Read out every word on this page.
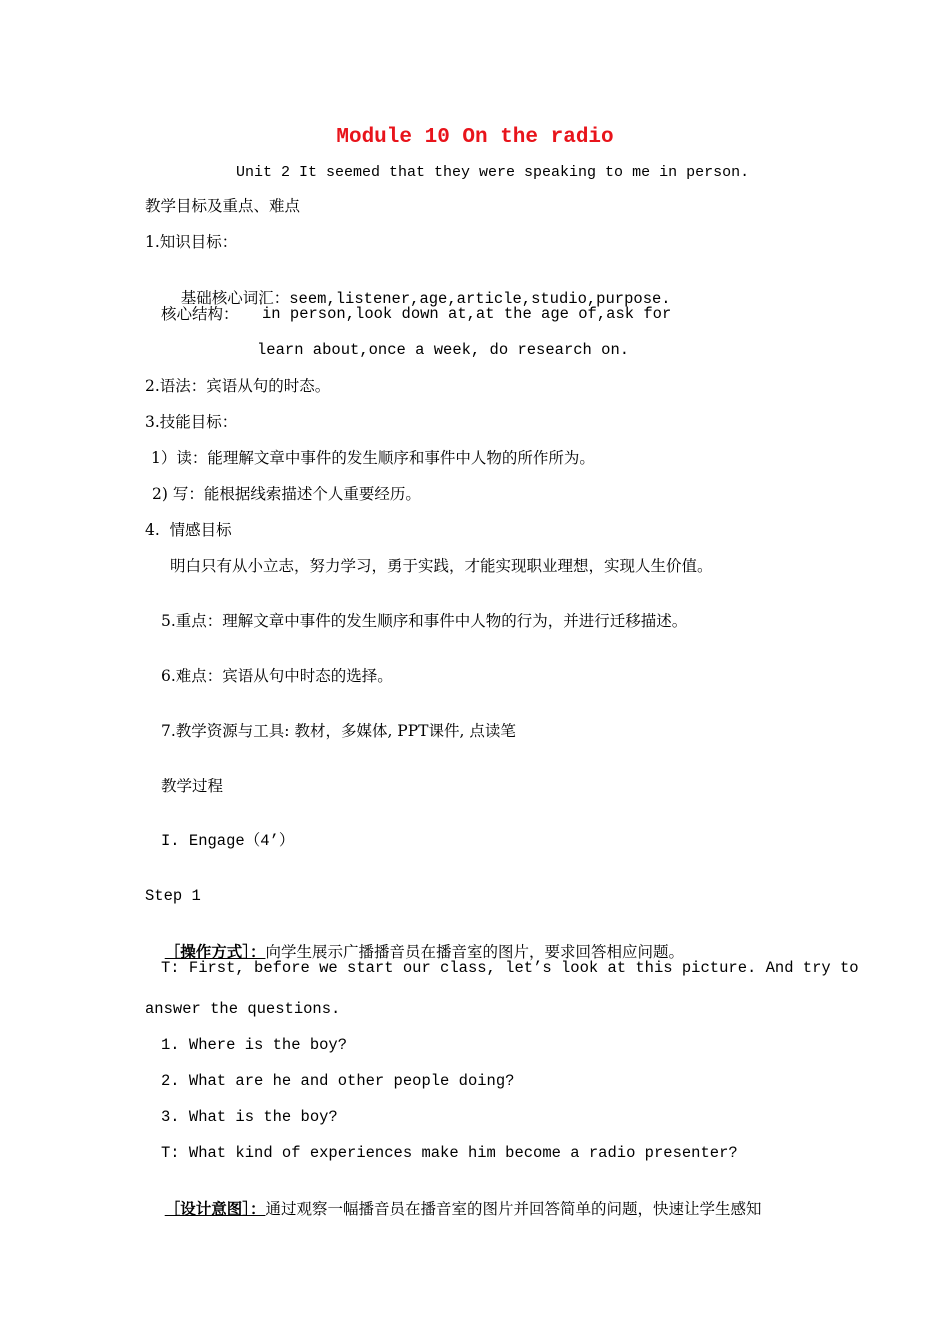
Module 10 On the radio
Unit 2 It seemed that they were speaking to me in person.
教学目标及重点、难点
1.知识目标：

基础核心词汇：seem,listener,age,article,studio,purpose.

核心结构： in person,look down at,at the age of,ask for
learn about,once a week, do research on.
2.语法：宾语从句的时态。
3.技能目标：
1）读：能理解文章中事件的发生顺序和事件中人物的所作所为。
2) 写：能根据线索描述个人重要经历。
4.  情感目标
明白只有从小立志，努力学习，勇于实践，才能实现职业理想，实现人生价值。
5.重点：理解文章中事件的发生顺序和事件中人物的行为，并进行迁移描述。
6.难点：宾语从句中时态的选择。
7.教学资源与工具: 教材，多媒体, PPT课件, 点读笔
教学过程
I. Engage（4’）
Step 1

［操作方式］：向学生展示广播播音员在播音室的图片，要求回答相应问题。

T: First, before we start our class, let’s look at this picture. And try to
answer the questions.
1. Where is the boy?
2. What are he and other people doing?
3. What is the boy?
T: What kind of experiences make him become a radio presenter?

［设计意图］：通过观察一幅播音员在播音室的图片并回答简单的问题，快速让学生感知
